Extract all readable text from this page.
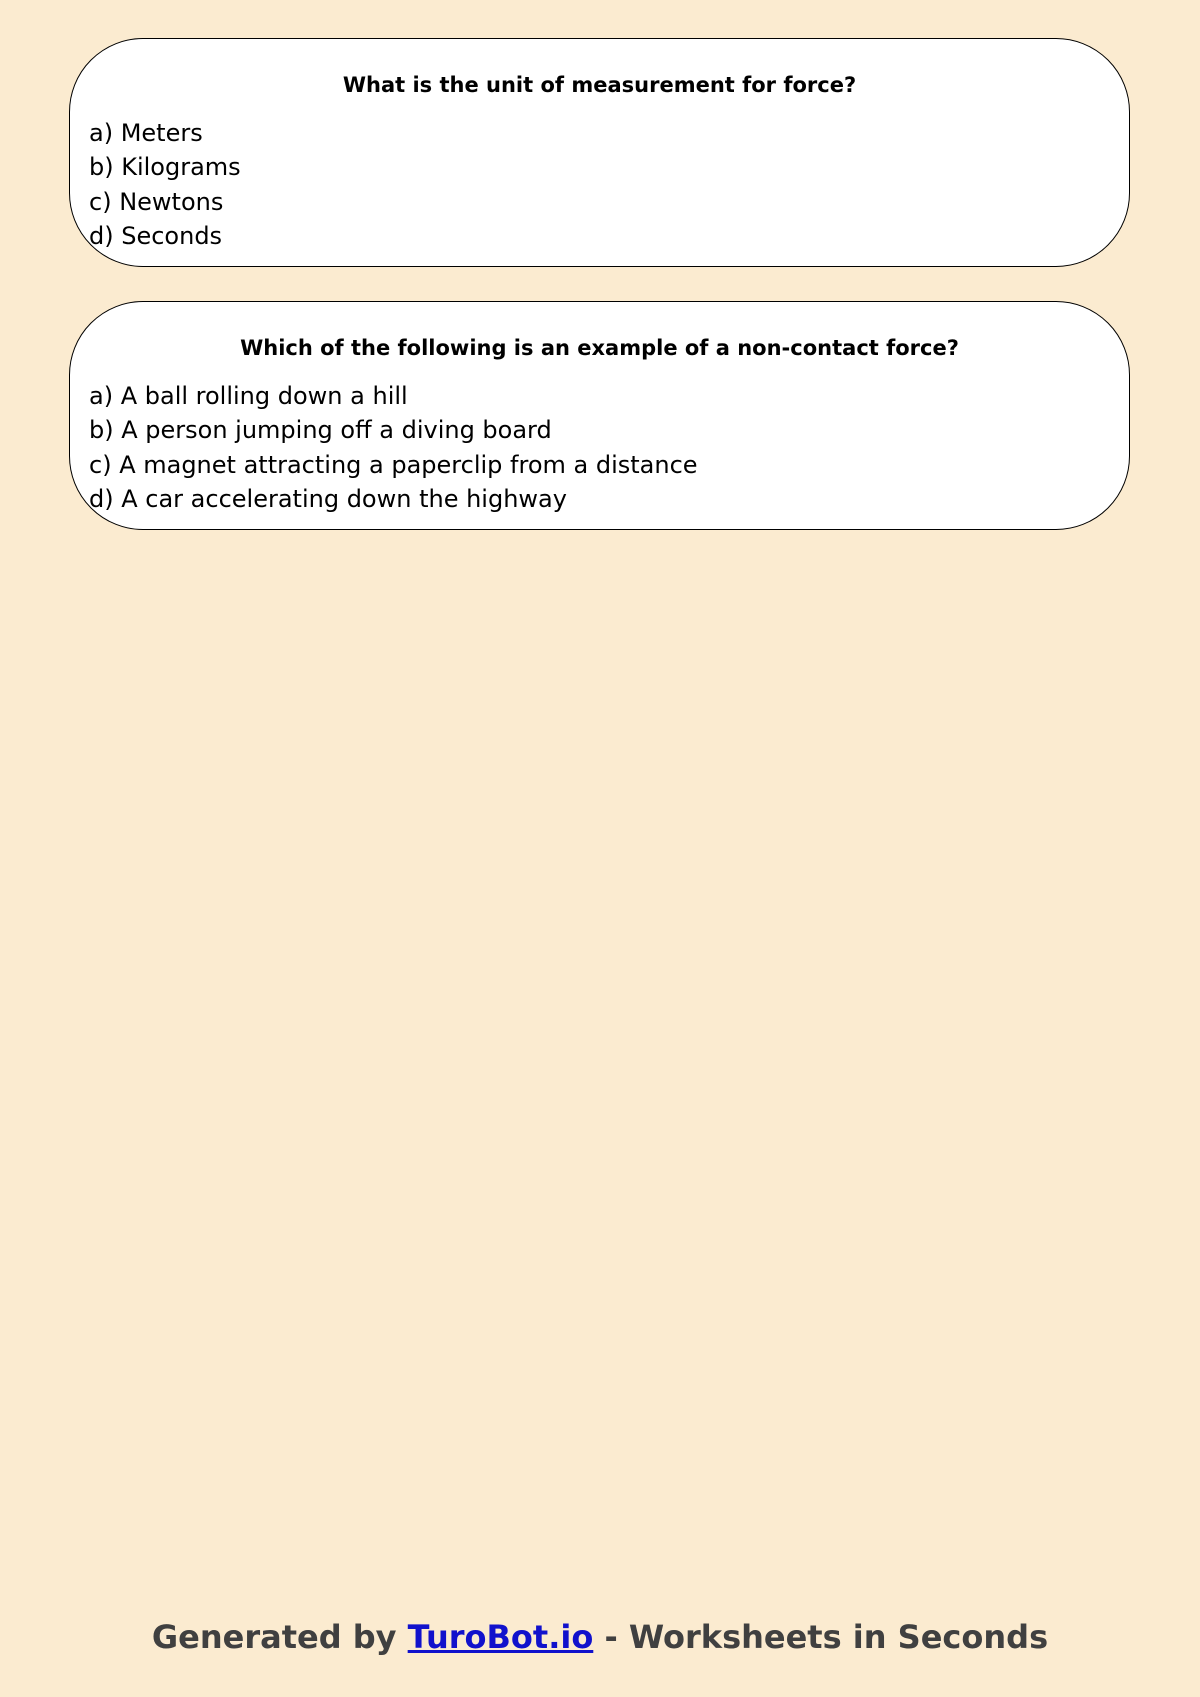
What is the unit of measurement for force?

a) Meters
b) Kilograms
c) Newtons
d) Seconds

Which of the following is an example of a non-contact force?

a) A ball rolling down a hill
b) A person jumping off a diving board
c) A magnet attracting a paperclip from a distance
d) A car accelerating down the highway
Generated by TuroBot.io - Worksheets in Seconds
